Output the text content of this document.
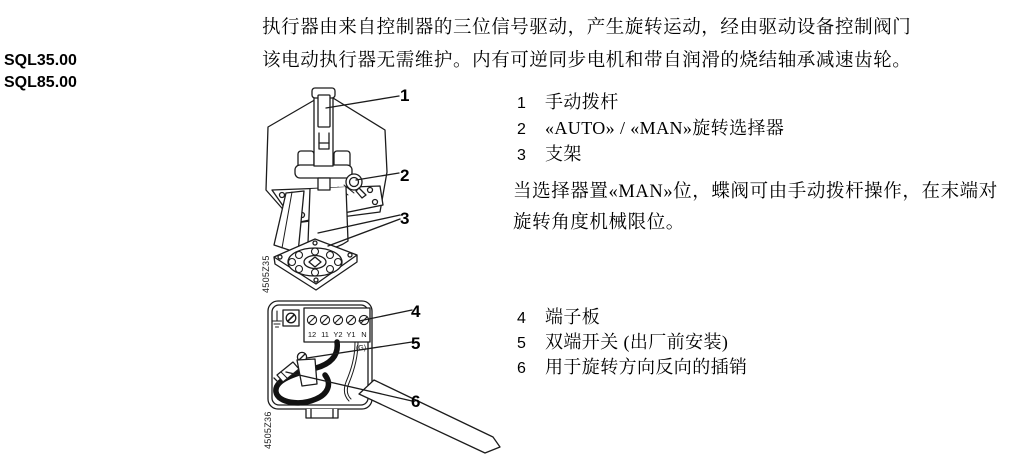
SQL35.00
SQL85.00
执行器由来自控制器的三位信号驱动，产生旋转运动，经由驱动设备控制阀门
该电动执行器无需维护。内有可逆同步电机和带自润滑的烧结轴承减速齿轮。
1
2
3
4505Z35
1	手动拨杆
2	«AUTO» / «MAN»旋转选择器
3	支架
当选择器置«MAN»位，蝶阀可由手动拨杆操作，在末端对
旋转角度机械限位。
12 11 Y2 Y1 N
(G)
4
5
6
4505Z36
4	端子板
5	双端开关 (出厂前安装)
6	用于旋转方向反向的插销
